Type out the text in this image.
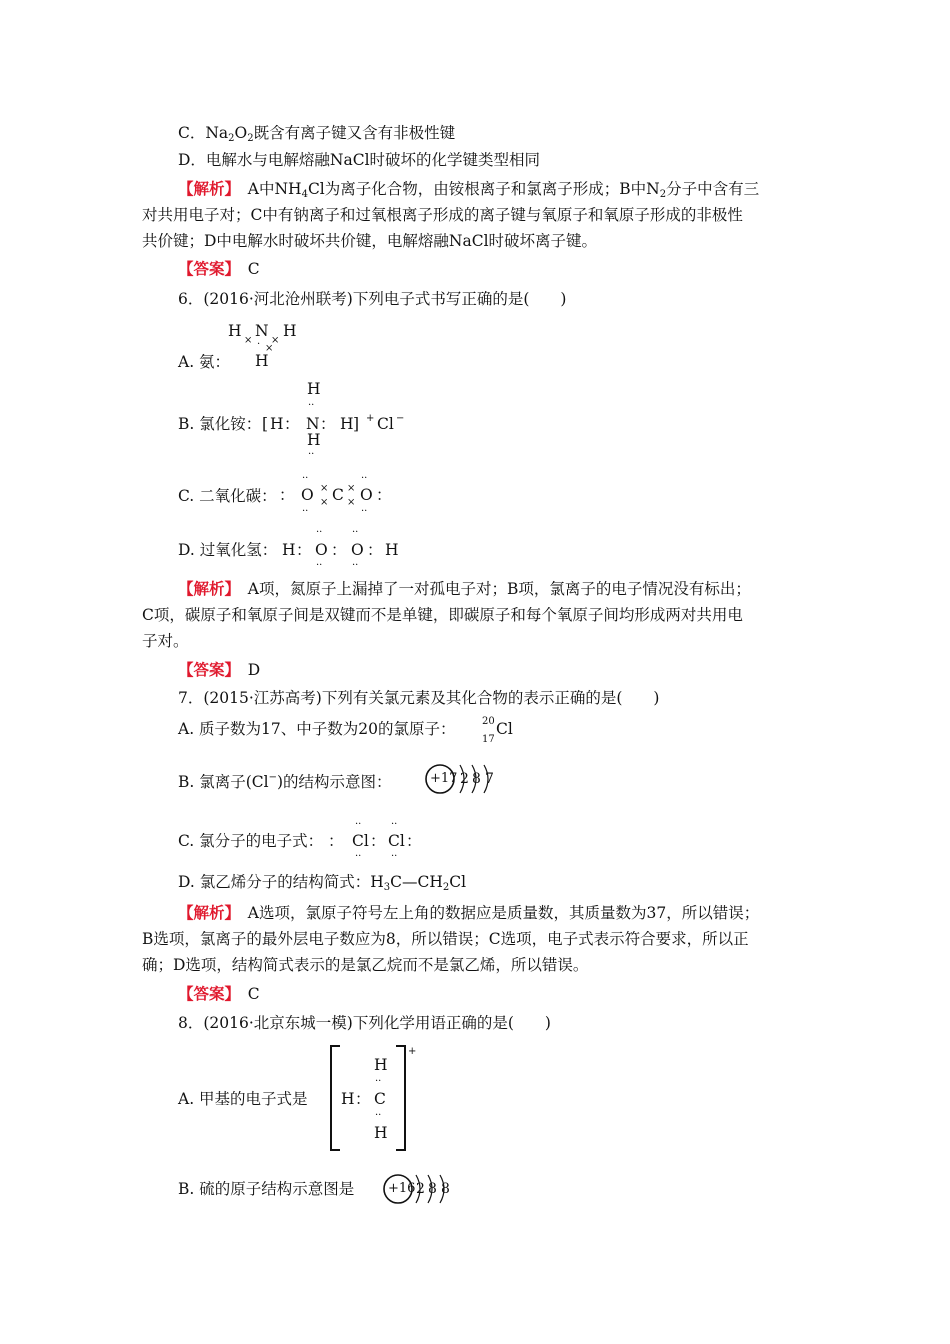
C．$Na_2O_2$既含有离子键又含有非极性键
D．电解水与电解熔融NaCl时破坏的化学键类型相同
【解析】　 A中$NH_4Cl$为离子化合物，由铵根离子和氯离子形成；B中$N_2$分子中含有三
对共用电子对；C中有钠离子和过氧根离子形成的离子键与氧原子和氧原子形成的非极性
共价键；D中电解水时破坏共价键，电解熔融NaCl时破坏离子键。
【答案】　 C
6．(2016·河北沧州联考)下列电子式书写正确的是(　　)
A. 氨：
H
×
N
×
H
· ×
H
B. 氯化铵：
H
··
[ H ： N ： H ] + Cl −
H
··
C. 二氧化碳：
··	··
： O ×
× C ×
× O ：
··	··
D. 过氧化氢：
··	··
H ： O ： O ： H
··	··
【解析】　 A项，氮原子上漏掉了一对孤电子对；B项，氯离子的电子情况没有标出；
C项，碳原子和氧原子间是双键而不是单键，即碳原子和每个氧原子间均形成两对共用电
子对。
【答案】　 D
7．(2015·江苏高考)下列有关氯元素及其化合物的表示正确的是(　　)
A. 质子数为17、中子数为20的氯原子：	20
17
Cl
B. 氯离子(Cl−)的结构示意图：	+17 2 8 7
C. 氯分子的电子式：
··	··
： Cl ： Cl ：
··	··
D. 氯乙烯分子的结构简式：$H_3C—CH_2Cl$
【解析】　 A选项，氯原子符号左上角的数据应是质量数，其质量数为37，所以错误；
B选项，氯离子的最外层电子数应为8，所以错误；C选项，电子式表示符合要求，所以正
确；D选项，结构简式表示的是氯乙烷而不是氯乙烯，所以错误。
【答案】　 C
8．(2016·北京东城一模)下列化学用语正确的是(　　)
A. 甲基的电子式是
+
H
··
H ： C
··
H
B. 硫的原子结构示意图是	+16 2 8 8
